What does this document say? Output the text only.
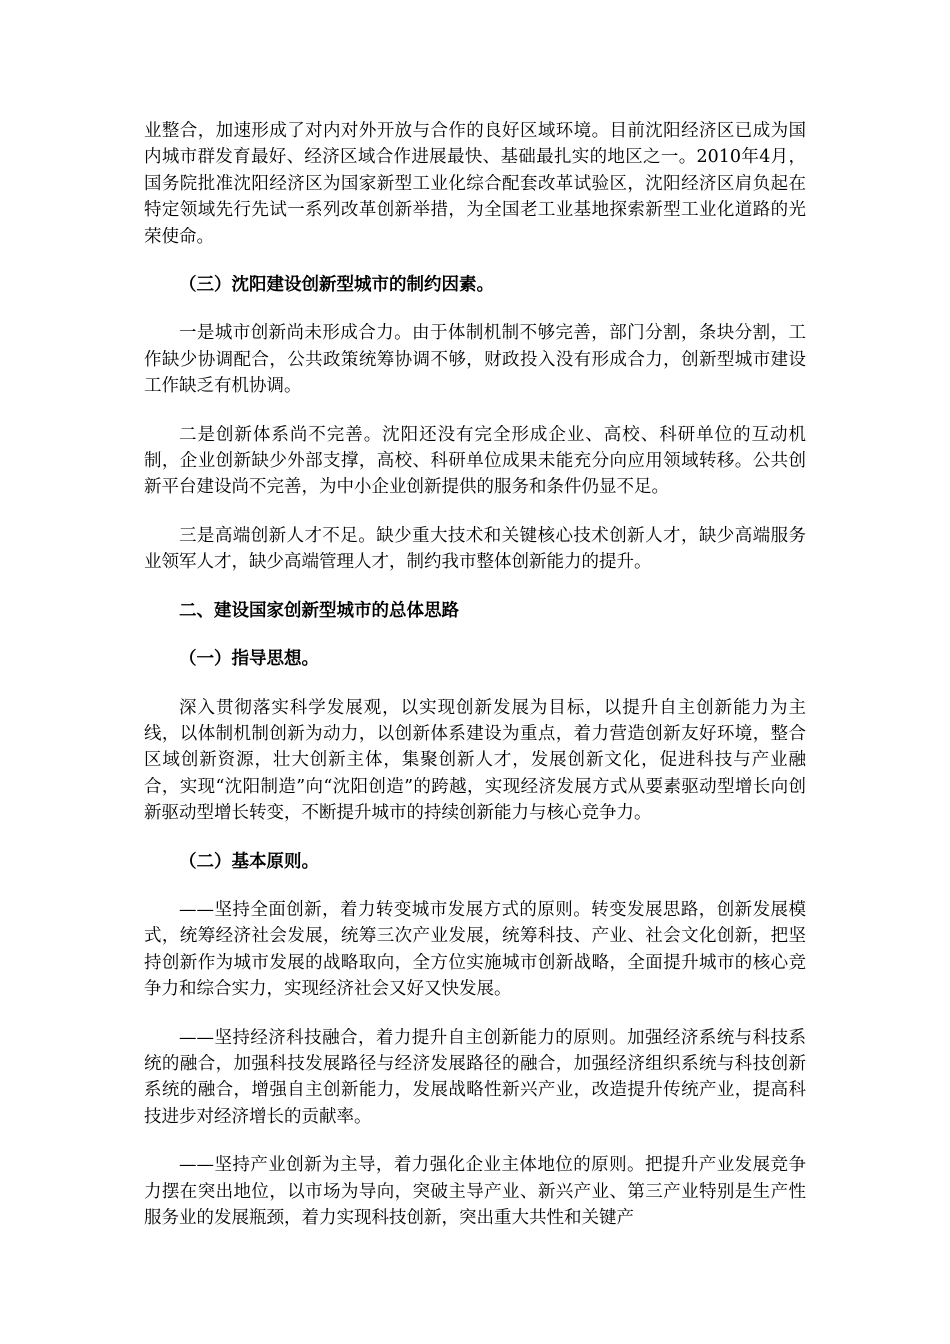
业整合，加速形成了对内对外开放与合作的良好区域环境。目前沈阳经济区已成为国内城市群发育最好、经济区域合作进展最快、基础最扎实的地区之一。2010年4月，国务院批准沈阳经济区为国家新型工业化综合配套改革试验区，沈阳经济区肩负起在特定领域先行先试一系列改革创新举措，为全国老工业基地探索新型工业化道路的光荣使命。

（三）沈阳建设创新型城市的制约因素。

一是城市创新尚未形成合力。由于体制机制不够完善，部门分割，条块分割，工作缺少协调配合，公共政策统筹协调不够，财政投入没有形成合力，创新型城市建设工作缺乏有机协调。

二是创新体系尚不完善。沈阳还没有完全形成企业、高校、科研单位的互动机制，企业创新缺少外部支撑，高校、科研单位成果未能充分向应用领域转移。公共创新平台建设尚不完善，为中小企业创新提供的服务和条件仍显不足。

三是高端创新人才不足。缺少重大技术和关键核心技术创新人才，缺少高端服务业领军人才，缺少高端管理人才，制约我市整体创新能力的提升。

二、建设国家创新型城市的总体思路

（一）指导思想。

深入贯彻落实科学发展观，以实现创新发展为目标，以提升自主创新能力为主线，以体制机制创新为动力，以创新体系建设为重点，着力营造创新友好环境，整合区域创新资源，壮大创新主体，集聚创新人才，发展创新文化，促进科技与产业融合，实现“沈阳制造”向“沈阳创造”的跨越，实现经济发展方式从要素驱动型增长向创新驱动型增长转变，不断提升城市的持续创新能力与核心竞争力。

（二）基本原则。

——坚持全面创新，着力转变城市发展方式的原则。转变发展思路，创新发展模式，统筹经济社会发展，统筹三次产业发展，统筹科技、产业、社会文化创新，把坚持创新作为城市发展的战略取向，全方位实施城市创新战略，全面提升城市的核心竞争力和综合实力，实现经济社会又好又快发展。

——坚持经济科技融合，着力提升自主创新能力的原则。加强经济系统与科技系统的融合，加强科技发展路径与经济发展路径的融合，加强经济组织系统与科技创新系统的融合，增强自主创新能力，发展战略性新兴产业，改造提升传统产业，提高科技进步对经济增长的贡献率。

——坚持产业创新为主导，着力强化企业主体地位的原则。把提升产业发展竞争力摆在突出地位，以市场为导向，突破主导产业、新兴产业、第三产业特别是生产性服务业的发展瓶颈，着力实现科技创新，突出重大共性和关键产
